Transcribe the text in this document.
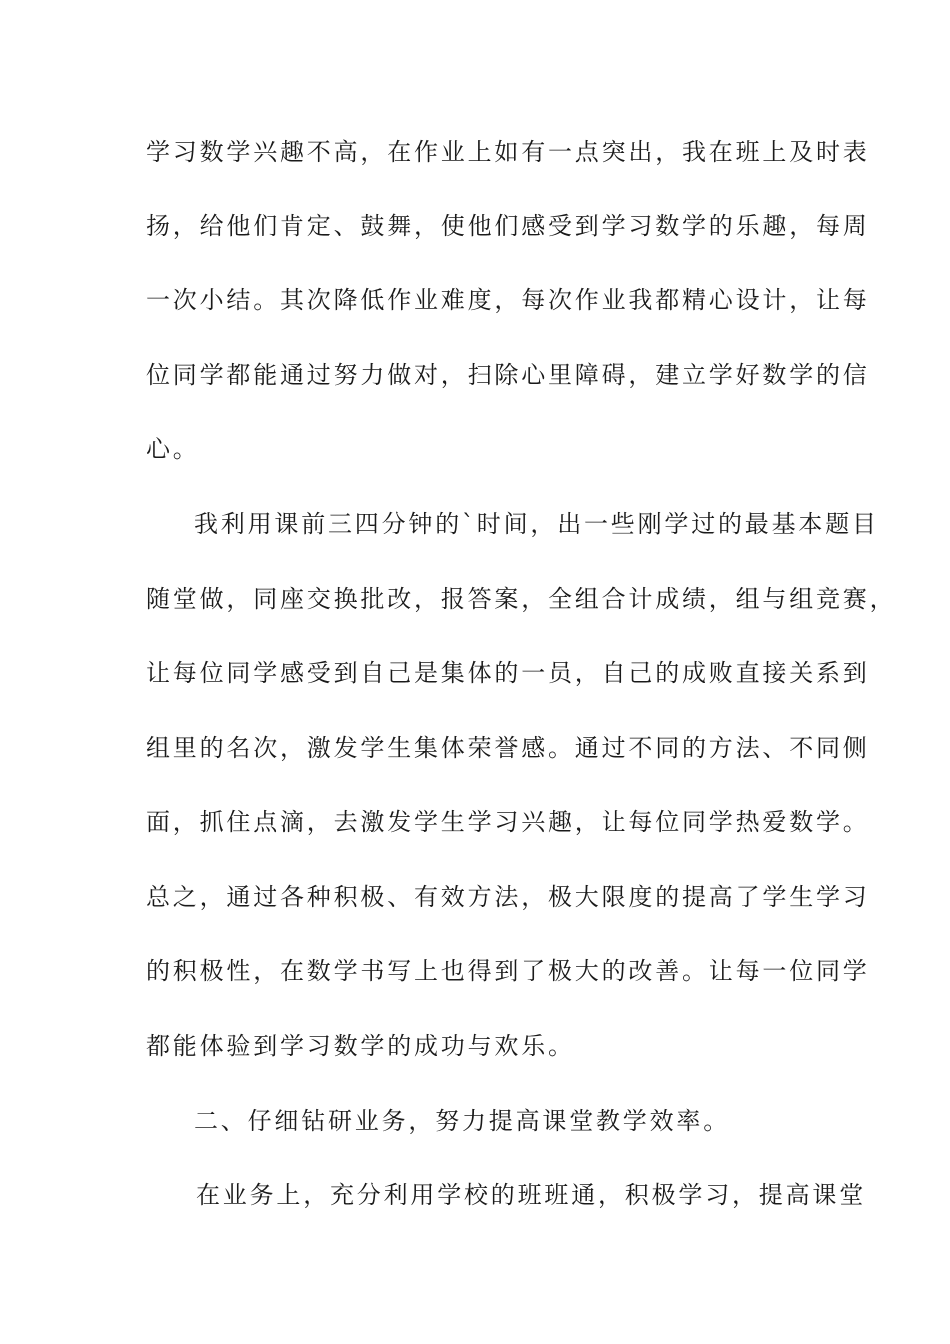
学习数学兴趣不高，在作业上如有一点突出，我在班上及时表
扬，给他们肯定、鼓舞，使他们感受到学习数学的乐趣，每周
一次小结。其次降低作业难度，每次作业我都精心设计，让每
位同学都能通过努力做对，扫除心里障碍，建立学好数学的信
心。
我利用课前三四分钟的`时间，出一些刚学过的最基本题目
随堂做，同座交换批改，报答案，全组合计成绩，组与组竞赛，
让每位同学感受到自己是集体的一员，自己的成败直接关系到
组里的名次，激发学生集体荣誉感。通过不同的方法、不同侧
面，抓住点滴，去激发学生学习兴趣，让每位同学热爱数学。
总之，通过各种积极、有效方法，极大限度的提高了学生学习
的积极性，在数学书写上也得到了极大的改善。让每一位同学
都能体验到学习数学的成功与欢乐。
二、仔细钻研业务，努力提高课堂教学效率。
在业务上，充分利用学校的班班通，积极学习，提高课堂
